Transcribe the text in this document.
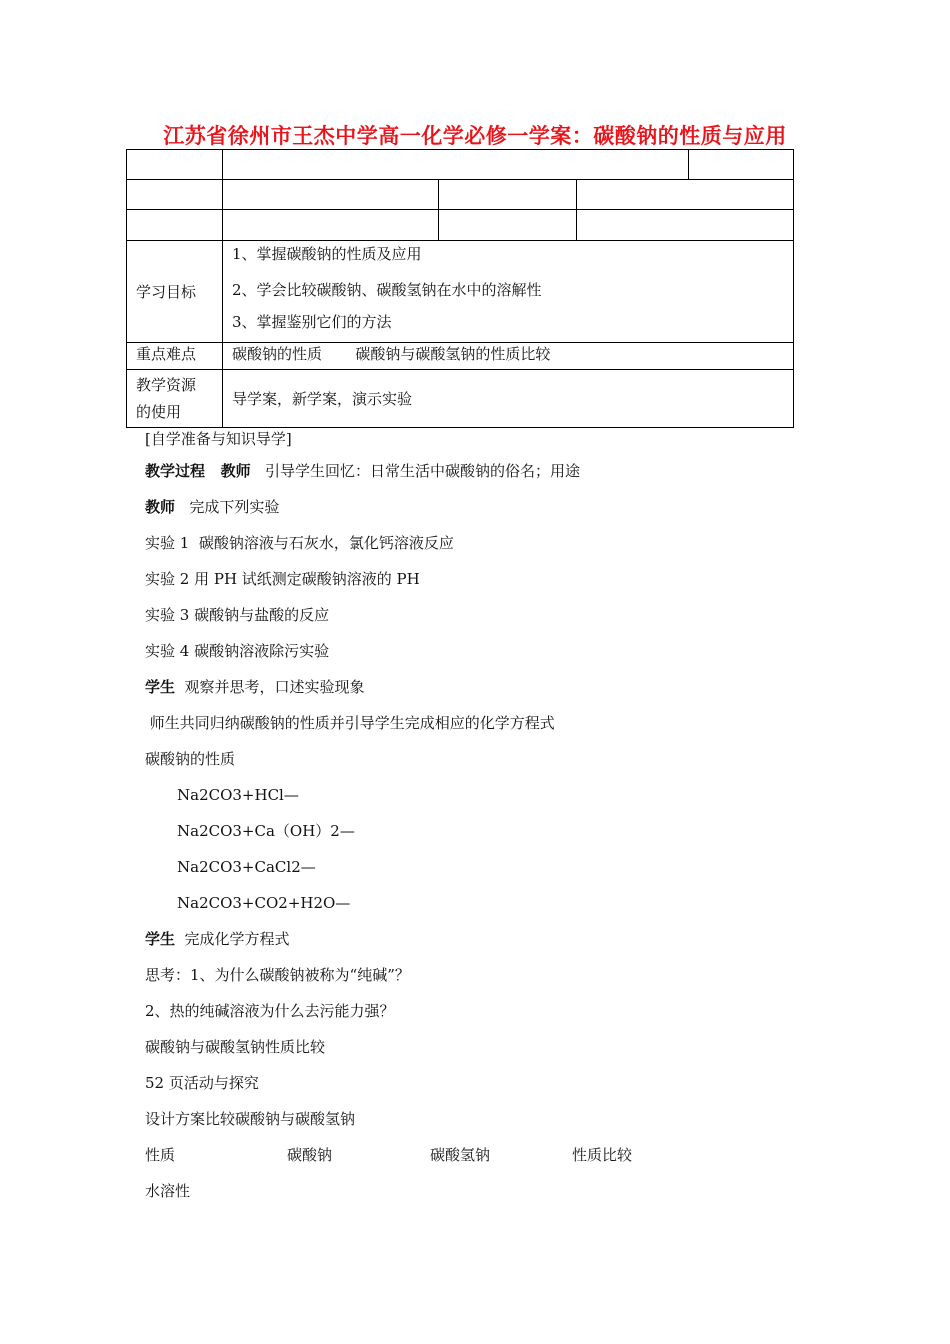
江苏省徐州市王杰中学高一化学必修一学案：碳酸钠的性质与应用

学习目标	1、掌握碳酸钠的性质及应用
2、学会比较碳酸钠、碳酸氢钠在水中的溶解性
3、掌握鉴别它们的方法			

重点难点	碳酸钠的性质       碳酸钠与碳酸氢钠的性质比较			
教学资源
的使用	导学案，新学案，演示实验			
[自学准备与知识导学]
教学过程   教师   引导学生回忆：日常生活中碳酸钠的俗名；用途
教师   完成下列实验
实验 1  碳酸钠溶液与石灰水，氯化钙溶液反应
实验 2 用 PH 试纸测定碳酸钠溶液的 PH
实验 3 碳酸钠与盐酸的反应
实验 4 碳酸钠溶液除污实验
学生  观察并思考，口述实验现象
师生共同归纳碳酸钠的性质并引导学生完成相应的化学方程式
碳酸钠的性质
Na2CO3+HCl—
Na2CO3+Ca（OH）2—
Na2CO3+CaCl2—
Na2CO3+CO2+H2O—
学生  完成化学方程式
思考：1、为什么碳酸钠被称为“纯碱”？
2、热的纯碱溶液为什么去污能力强？
碳酸钠与碳酸氢钠性质比较
52 页活动与探究
设计方案比较碳酸钠与碳酸氢钠
性质	碳酸钠	碳酸氢钠	性质比较
水溶性
